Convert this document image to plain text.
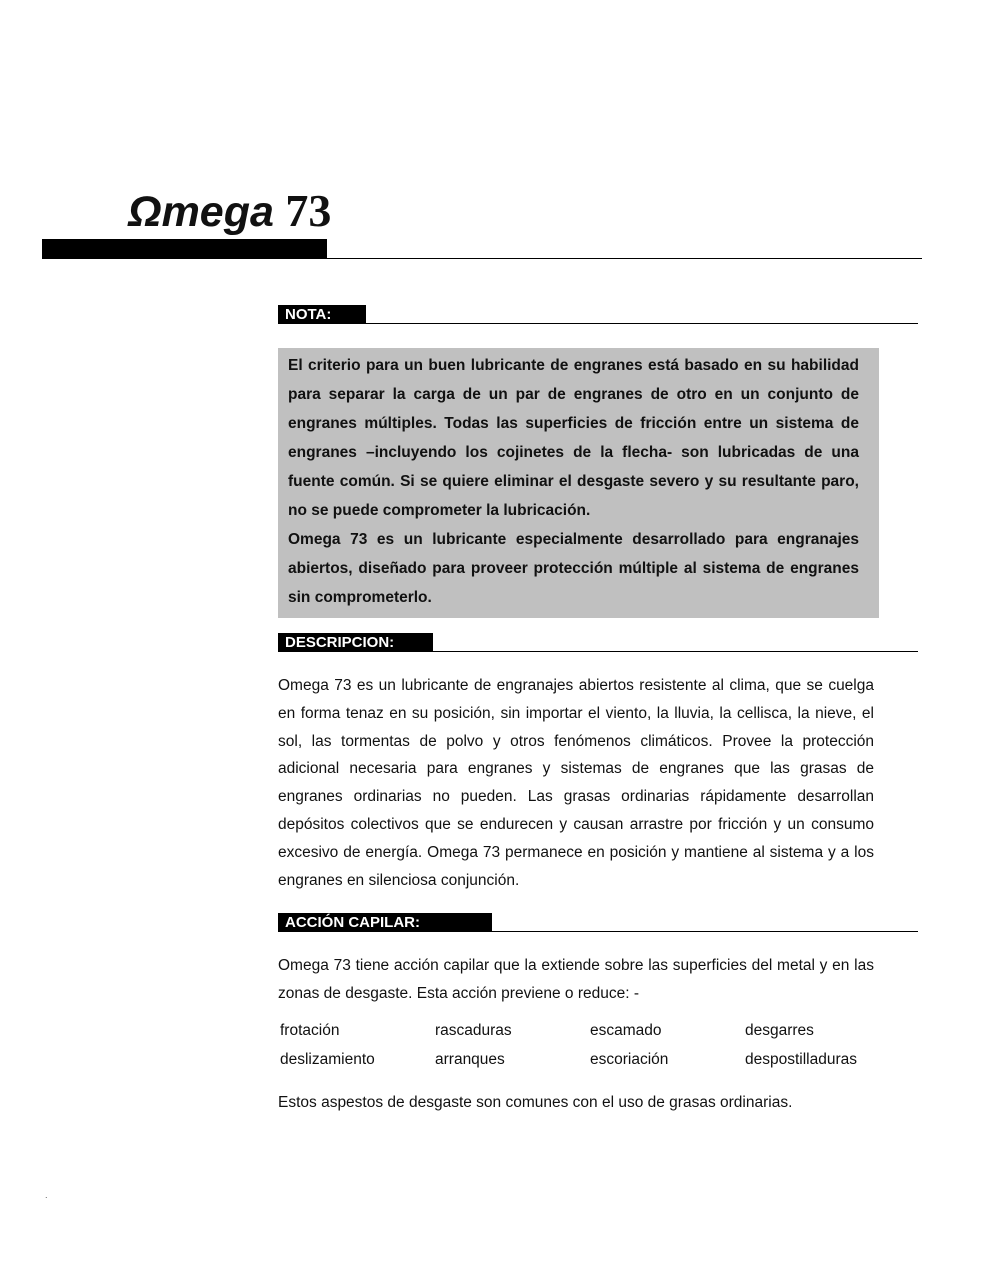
Ωmega 73
NOTA:

El criterio para un buen lubricante de engranes está basado en su habilidad para separar la carga de un par de engranes de otro en un conjunto de engranes múltiples. Todas las superficies de fricción entre un sistema de engranes –incluyendo los cojinetes de la flecha- son lubricadas de una fuente común. Si se quiere eliminar el desgaste severo y su resultante paro, no se puede comprometer la lubricación.

Omega 73 es un lubricante especialmente desarrollado para engranajes abiertos, diseñado para proveer protección múltiple al sistema de engranes sin comprometerlo.

DESCRIPCION:

Omega 73 es un lubricante de engranajes abiertos resistente al clima, que se cuelga en forma tenaz en su posición, sin importar el viento, la lluvia, la cellisca, la nieve, el sol, las tormentas de polvo y otros fenómenos climáticos. Provee la protección adicional necesaria para engranes y sistemas de engranes que las grasas de engranes ordinarias no pueden. Las grasas ordinarias rápidamente desarrollan depósitos colectivos que se endurecen y causan arrastre por fricción y un consumo excesivo de energía. Omega 73 permanece en posición y mantiene al sistema y a los engranes en silenciosa conjunción.

ACCIÓN CAPILAR:

Omega 73 tiene acción capilar que la extiende sobre las superficies del metal y en las zonas de desgaste. Esta acción previene o reduce: -

frotación	rascaduras	escamado	desgarres
deslizamiento	arranques	escoriación	despostilladuras

Estos aspestos de desgaste son comunes con el uso de grasas ordinarias.

.
